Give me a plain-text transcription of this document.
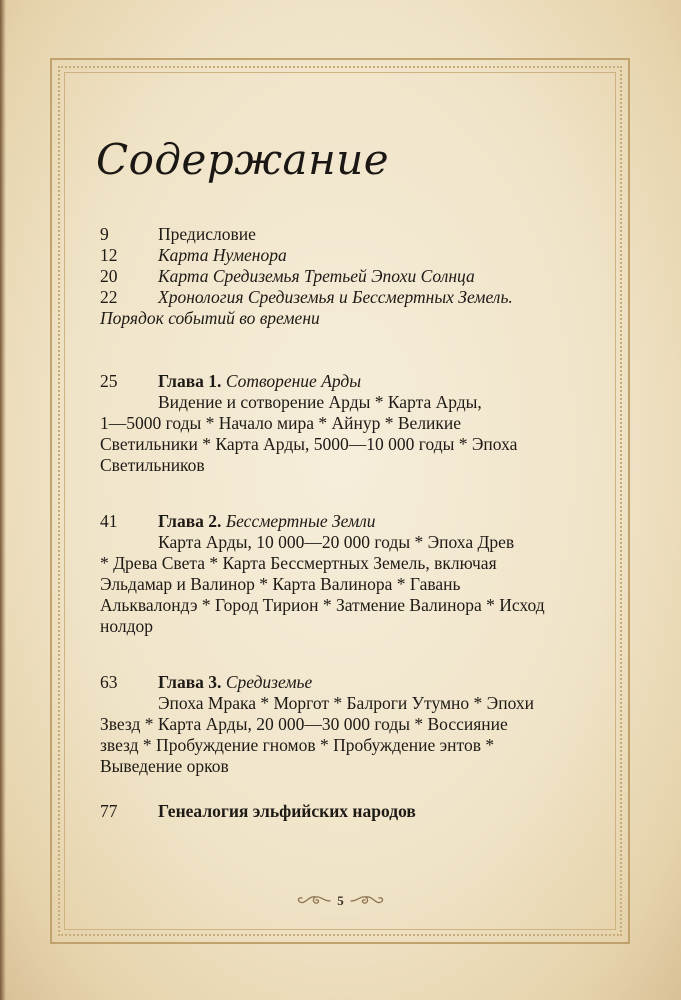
Содержание
9	Предисловие
12	Карта Нуменора
20	Карта Средиземья Третьей Эпохи Солнца
22	Хронология Средиземья и Бессмертных Земель.
Порядок событий во времени
25	Глава 1.
Сотворение Арды
Видение и сотворение Арды * Карта Арды,
1—5000 годы * Начало мира * Айнур * Великие
Светильники * Карта Арды, 5000—10 000 годы * Эпоха
Светильников
41	Глава 2.
Бессмертные Земли
Карта Арды, 10 000—20 000 годы * Эпоха Древ
* Древа Света * Карта Бессмертных Земель, включая
Эльдамар и Валинор * Карта Валинора * Гавань
Альквалондэ * Город Тирион * Затмение Валинора * Исход
нолдор
63	Глава 3.
Средиземье
Эпоха Мрака * Моргот * Балроги Утумно * Эпохи
Звезд * Карта Арды, 20 000—30 000 годы * Воссияние
звезд * Пробуждение гномов * Пробуждение энтов *
Выведение орков
77	Генеалогия эльфийских народов
5
